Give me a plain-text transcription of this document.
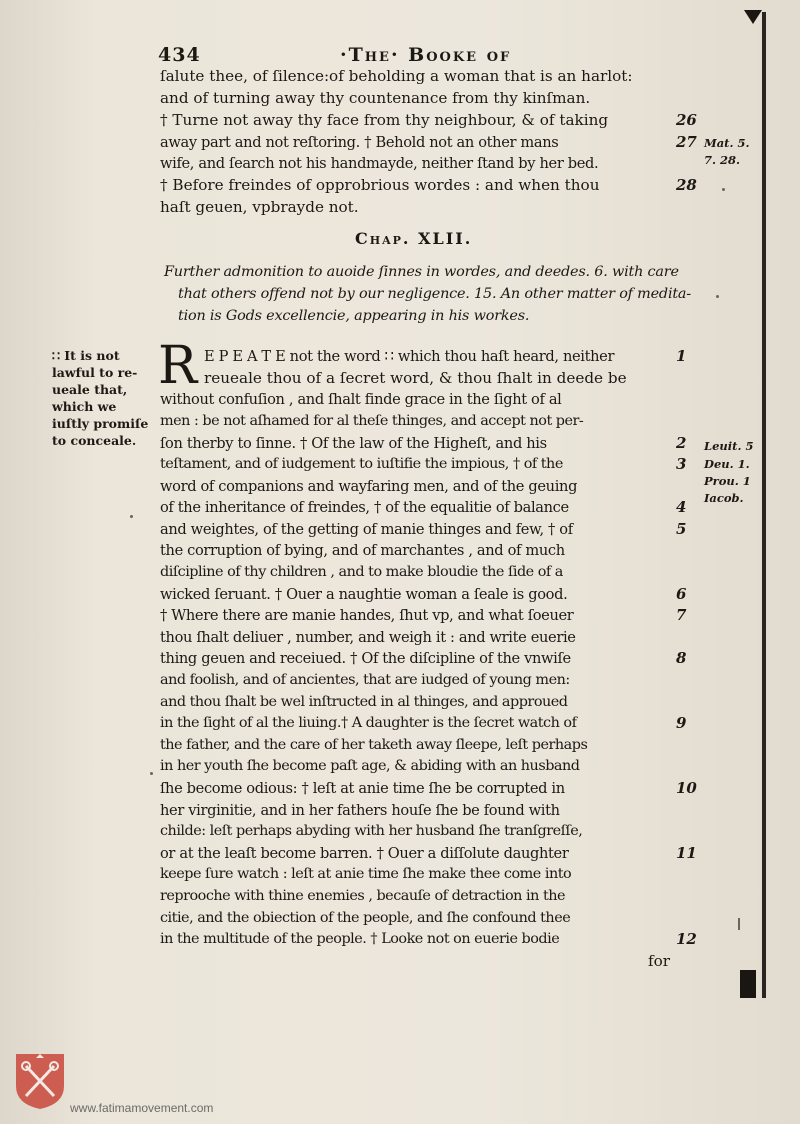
434	·The· Booke of
ſalute thee, of ſilence:of beholding a woman that is an harlot:
and of turning away thy countenance from thy kinſman.
† Turne not away thy face from thy neighbour, & of taking
away part and not reſtoring. † Behold not an other mans
wife, and ſearch not his handmayde, neither ſtand by her bed.
† Before freindes of opprobrious wordes : and when thou
haſt geuen, vpbrayde not.
26
27
28
Mat. 5.
7. 28.
Chap. XLII.
Further admonition to auoide ſinnes in wordes, and deedes. 6. with care
that others offend not by our negligence. 15. An other matter of medita-
tion is Gods excellencie, appearing in his workes.
∷ It is not
lawful to re-
ueale that,
which we
iuſtly promiſe
to conceale.
R E P E A T E not the word ∷ which thou haſt heard, neither
reueale thou of a ſecret word, & thou ſhalt in deede be
without confuſion , and ſhalt finde grace in the ſight of al
men : be not aſhamed for al theſe thinges, and accept not per-
ſon therby to ſinne. † Of the law of the Higheſt, and his
teſtament, and of iudgement to iuſtifie the impious, † of the
word of companions and wayfaring men, and of the geuing
of the inheritance of freindes, † of the equalitie of balance
and weightes, of the getting of manie thinges and few, † of
the corruption of bying, and of marchantes , and of much
diſcipline of thy children , and to make bloudie the ſide of a
wicked ſeruant. † Ouer a naughtie woman a ſeale is good.
† Where there are manie handes, ſhut vp, and what ſoeuer
thou ſhalt deliuer , number, and weigh it : and write euerie
thing geuen and receiued. † Of the diſcipline of the vnwiſe
and foolish, and of ancientes, that are iudged of young men:
and thou ſhalt be wel inſtructed in al thinges, and approued
in the ſight of al the liuing.† A daughter is the ſecret watch of
the father, and the care of her taketh away ſleepe, leſt perhaps
in her youth ſhe become paſt age, & abiding with an husband
ſhe become odious: † leſt at anie time ſhe be corrupted in
her virginitie, and in her fathers houſe ſhe be found with
childe: leſt perhaps abyding with her husband ſhe tranſgreſſe,
or at the leaſt become barren. † Ouer a diſſolute daughter
keepe ſure watch : leſt at anie time ſhe make thee come into
reprooche with thine enemies , becauſe of detraction in the
citie, and the obiection of the people, and ſhe confound thee
in the multitude of the people. † Looke not on euerie bodie
for
1
2
3
4
5
6
7
8
9
10
11
12
Leuit. 5
Deu. 1.
Prou. 1
Iacob.
www.fatimamovement.com
